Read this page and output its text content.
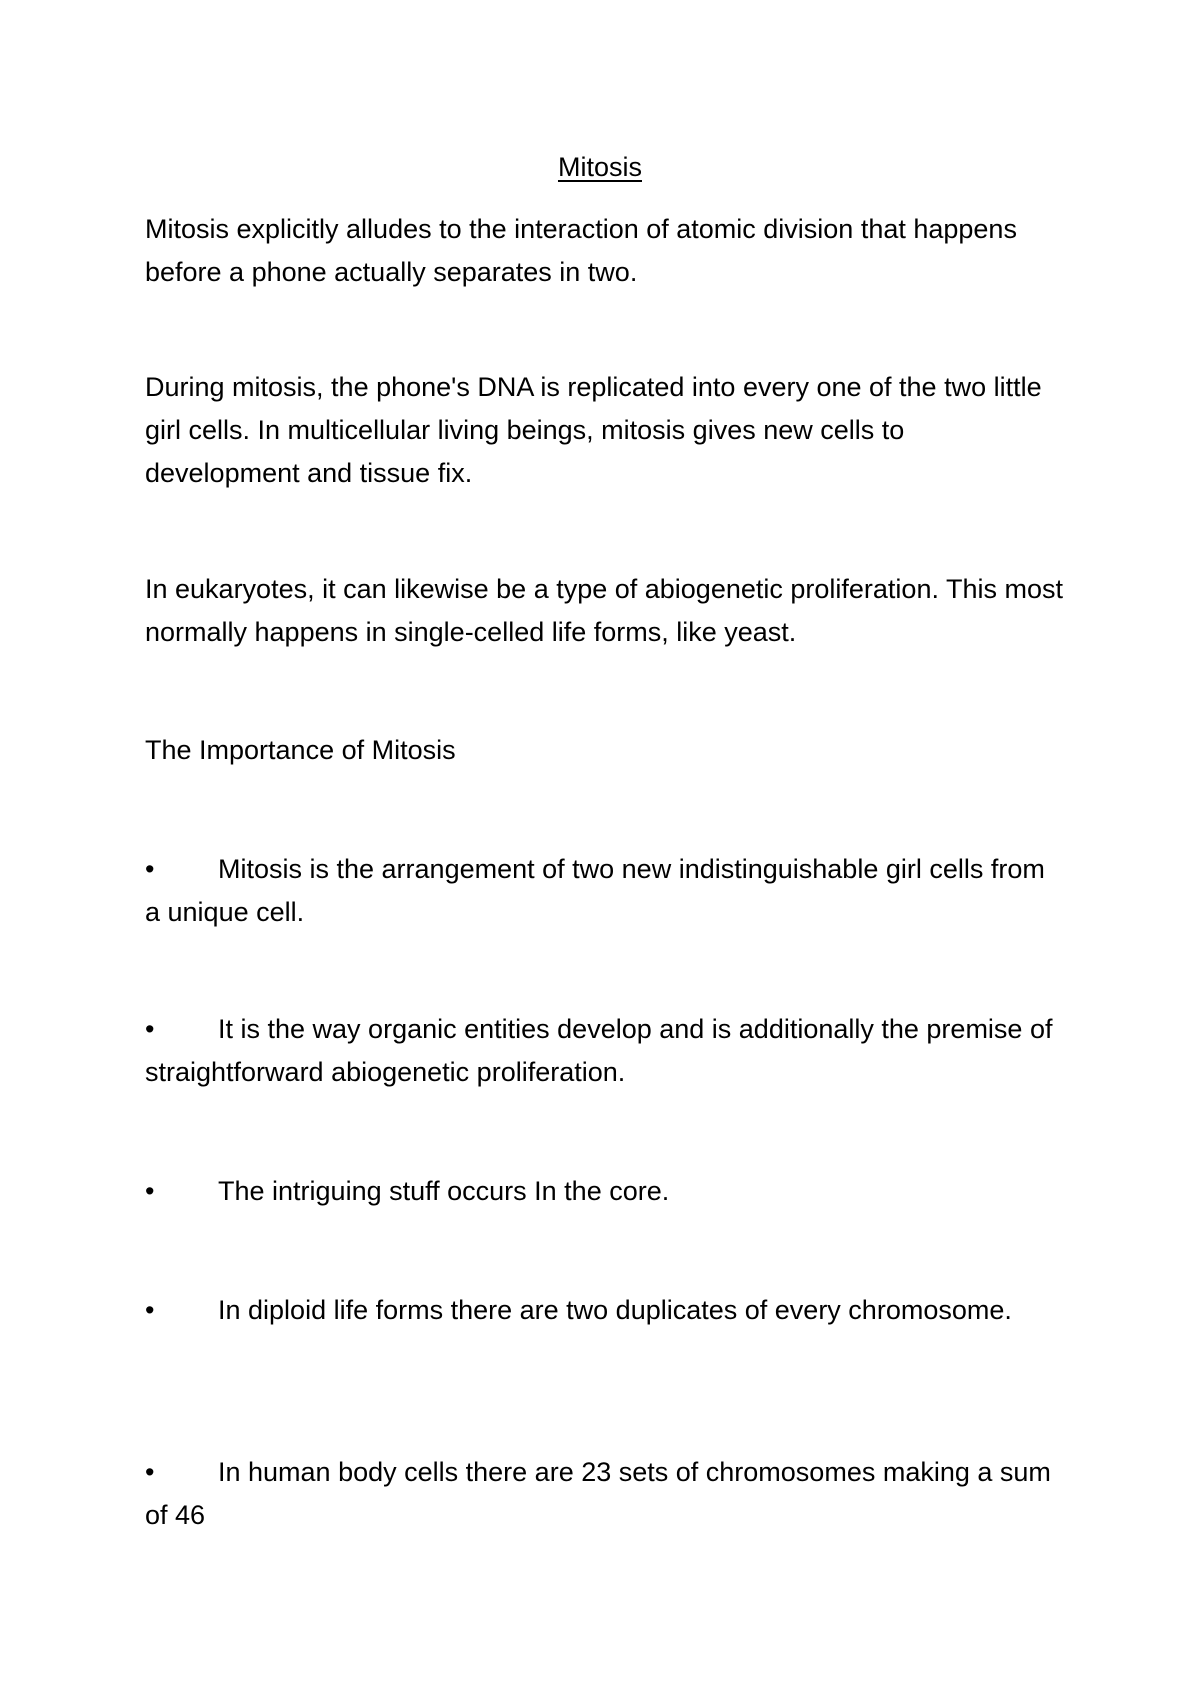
Mitosis

Mitosis explicitly alludes to the interaction of atomic division that happens before a phone actually separates in two.

During mitosis, the phone's DNA is replicated into every one of the two little girl cells. In multicellular living beings, mitosis gives new cells to development and tissue fix.

In eukaryotes, it can likewise be a type of abiogenetic proliferation. This most normally happens in single-celled life forms, like yeast.

The Importance of Mitosis

• Mitosis is the arrangement of two new indistinguishable girl cells from a unique cell.

• It is the way organic entities develop and is additionally the premise of straightforward abiogenetic proliferation.

• The intriguing stuff occurs In the core.

• In diploid life forms there are two duplicates of every chromosome.

• In human body cells there are 23 sets of chromosomes making a sum of 46
